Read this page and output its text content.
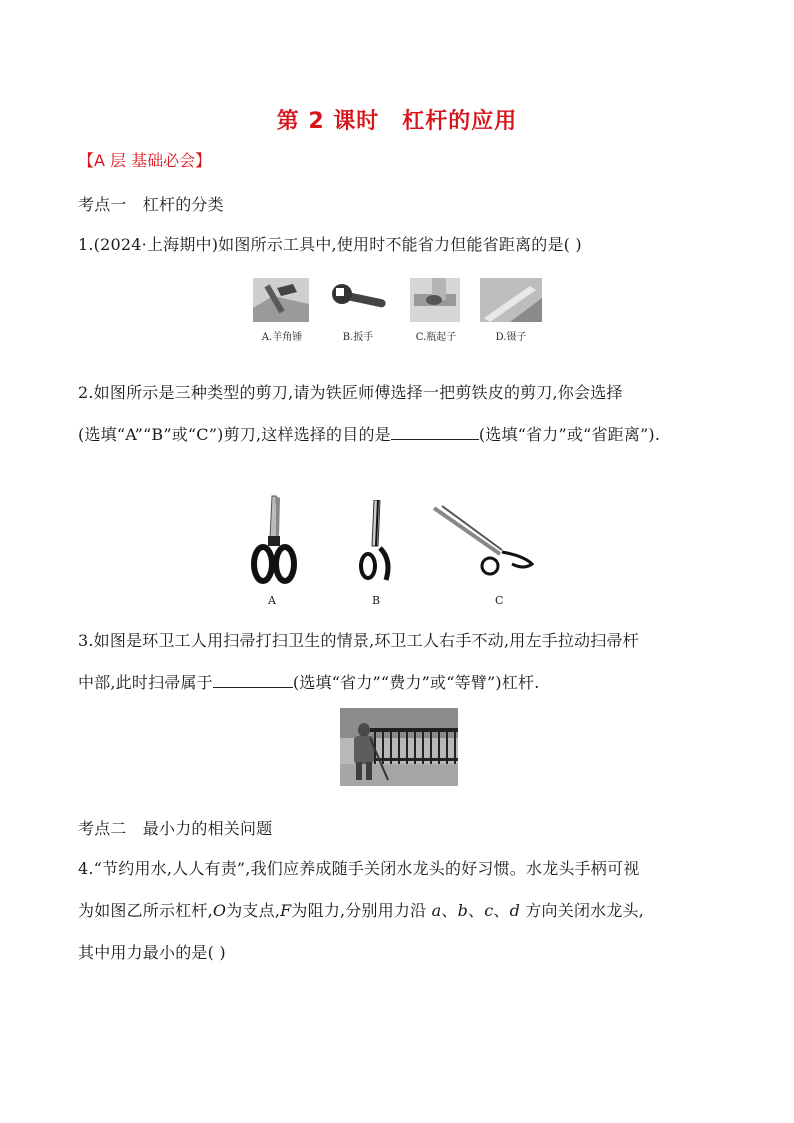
第 2 课时　杠杆的应用
【A 层 基础必会】
考点一　杠杆的分类
1.(2024·上海期中)如图所示工具中,使用时不能省力但能省距离的是( )
A.羊角锤	B.扳手	C.瓶起子	D.镊子
2.如图所示是三种类型的剪刀,请为铁匠师傅选择一把剪铁皮的剪刀,你会选择
(选填“A”“B”或“C”)剪刀,这样选择的目的是	(选填“省力”或“省距离”).
A	B	C
3.如图是环卫工人用扫帚打扫卫生的情景,环卫工人右手不动,用左手拉动扫帚杆
中部,此时扫帚属于	(选填“省力”“费力”或“等臂”)杠杆.
考点二　最小力的相关问题
4.“节约用水,人人有责”,我们应养成随手关闭水龙头的好习惯。水龙头手柄可视
为如图乙所示杠杆,O为支点,F为阻力,分别用力沿 a、b、c、d 方向关闭水龙头,
其中用力最小的是( )
